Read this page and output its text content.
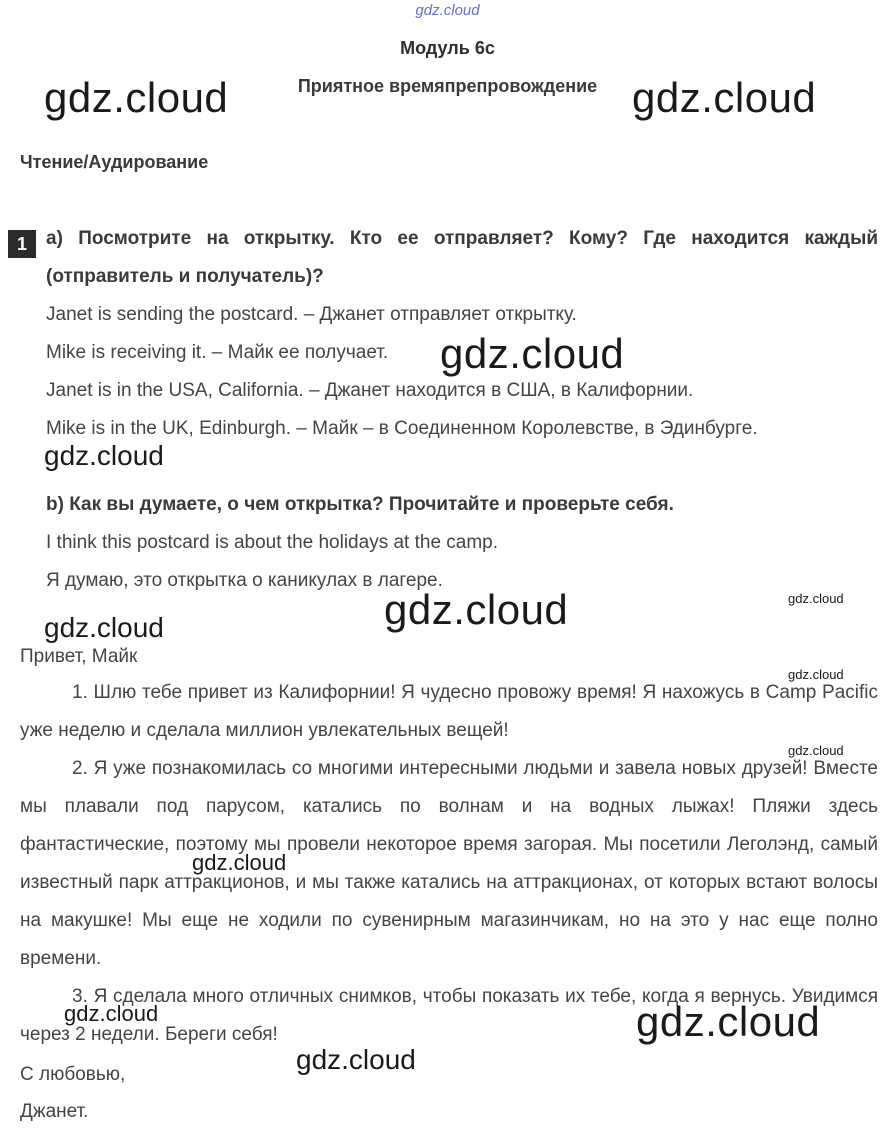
gdz.cloud
Модуль 6с
Приятное времяпрепровождение
Чтение/Аудирование
1	a) Посмотрите на открытку. Кто ее отправляет? Кому? Где находится каждый (отправитель и получатель)?
Janet is sending the postcard. – Джанет отправляет открытку.
Mike is receiving it. – Майк ее получает.
Janet is in the USA, California. – Джанет находится в США, в Калифорнии.
Mike is in the UK, Edinburgh. – Майк – в Соединенном Королевстве, в Эдинбурге.
b) Как вы думаете, о чем открытка? Прочитайте и проверьте себя.
I think this postcard is about the holidays at the camp.
Я думаю, это открытка о каникулах в лагере.
Привет, Майк
1. Шлю тебе привет из Калифорнии! Я чудесно провожу время! Я нахожусь в Camp Pacific уже неделю и сделала миллион увлекательных вещей!
2. Я уже познакомилась со многими интересными людьми и завела новых друзей! Вместе мы плавали под парусом, катались по волнам и на водных лыжах! Пляжи здесь фантастические, поэтому мы провели некоторое время загорая. Мы посетили Леголэнд, самый известный парк аттракционов, и мы также катались на аттракционах, от которых встают волосы на макушке! Мы еще не ходили по сувенирным магазинчикам, но на это у нас еще полно времени.
3. Я сделала много отличных снимков, чтобы показать их тебе, когда я вернусь. Увидимся через 2 недели. Береги себя!
С любовью,
Джанет.
gdz.cloud	gdz.cloud
gdz.cloud
gdz.cloud
gdz.cloud	gdz.cloud
gdz.cloud
gdz.cloud
gdz.cloud
gdz.cloud
gdz.cloud	gdz.cloud
gdz.cloud
